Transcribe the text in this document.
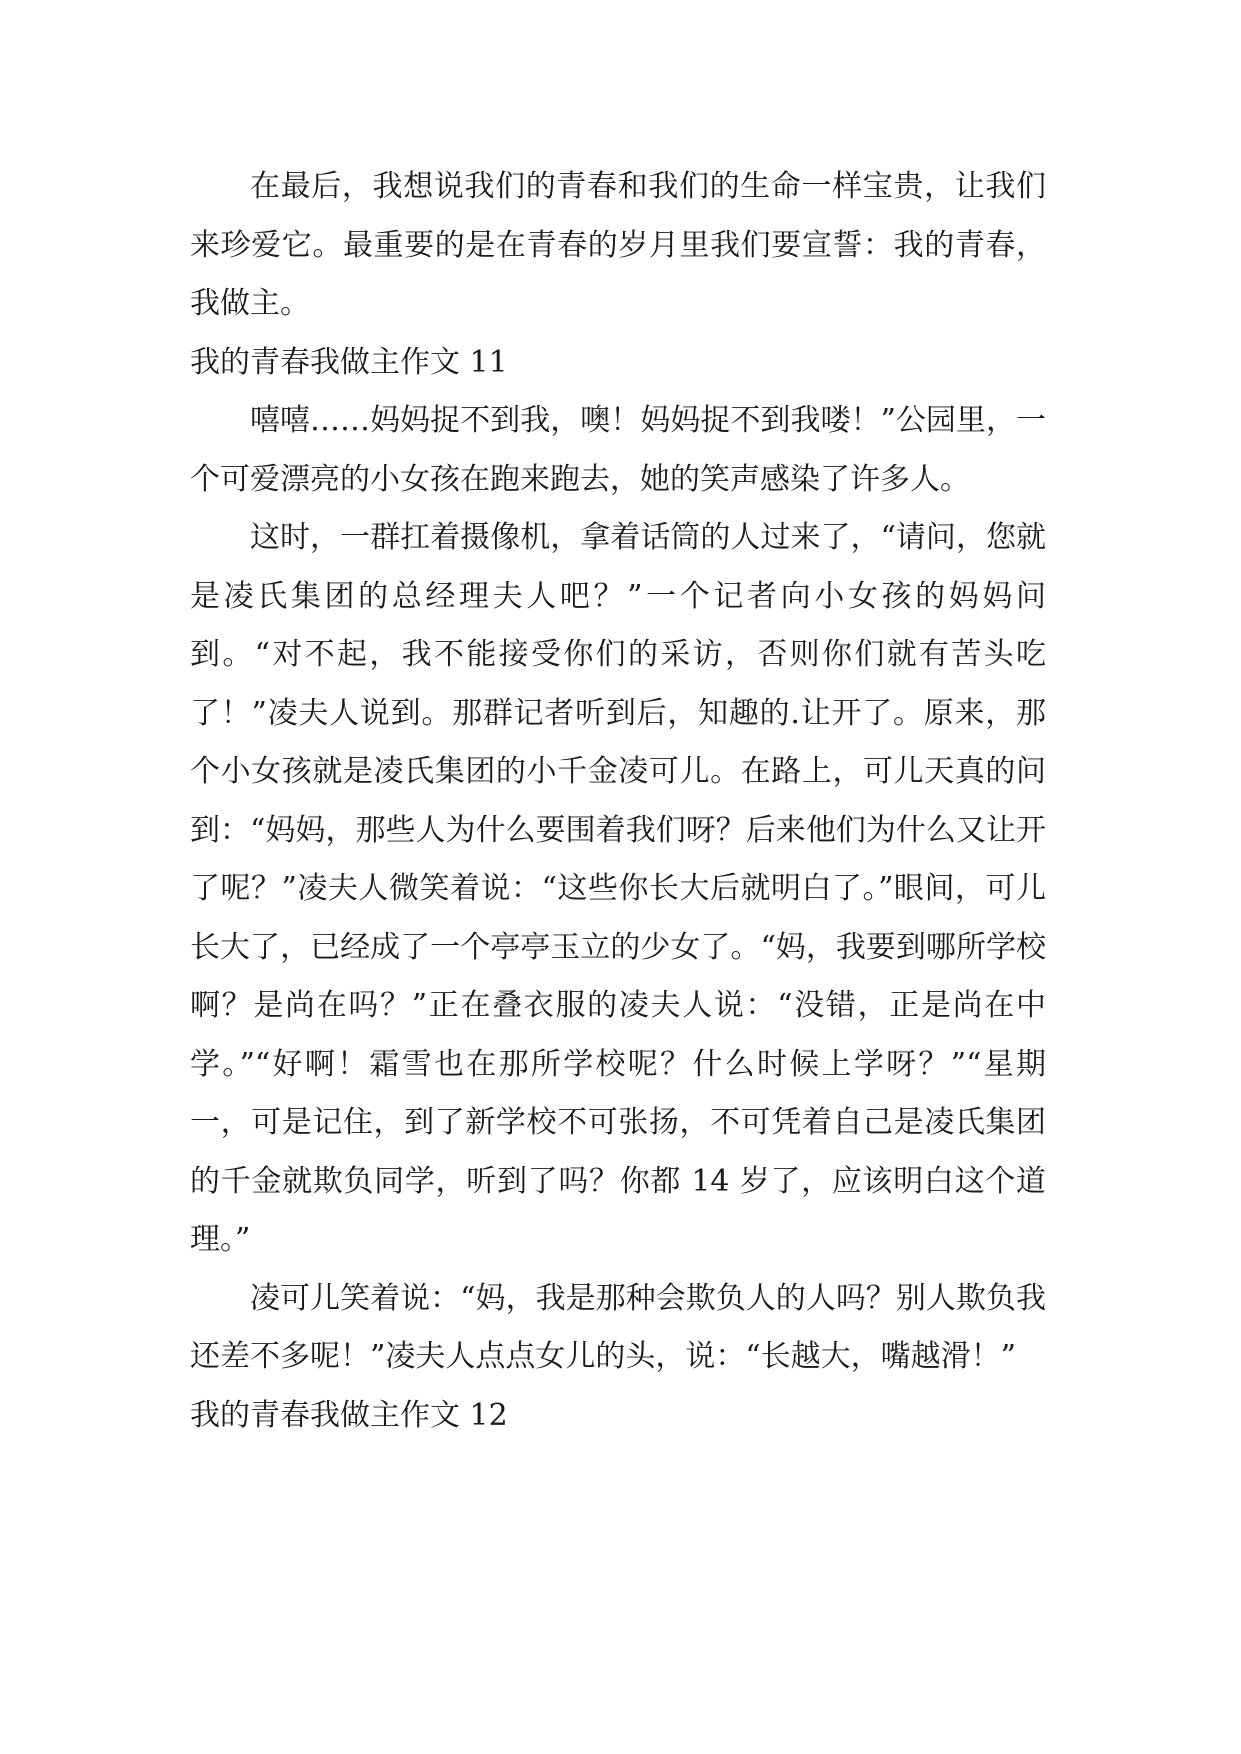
在最后，我想说我们的青春和我们的生命一样宝贵，让我们来珍爱它。最重要的是在青春的岁月里我们要宣誓：我的青春，我做主。

我的青春我做主作文 11

嘻嘻……妈妈捉不到我，噢！妈妈捉不到我喽！”公园里，一个可爱漂亮的小女孩在跑来跑去，她的笑声感染了许多人。

这时，一群扛着摄像机，拿着话筒的人过来了，“请问，您就是凌氏集团的总经理夫人吧？”一个记者向小女孩的妈妈问到。“对不起，我不能接受你们的采访，否则你们就有苦头吃了！”凌夫人说到。那群记者听到后，知趣的.让开了。原来，那个小女孩就是凌氏集团的小千金凌可儿。在路上，可儿天真的问到：“妈妈，那些人为什么要围着我们呀？后来他们为什么又让开了呢？”凌夫人微笑着说：“这些你长大后就明白了。”眼间，可儿长大了，已经成了一个亭亭玉立的少女了。“妈，我要到哪所学校啊？是尚在吗？”正在叠衣服的凌夫人说：“没错，正是尚在中学。”“好啊！霜雪也在那所学校呢？什么时候上学呀？”“星期一，可是记住，到了新学校不可张扬，不可凭着自己是凌氏集团的千金就欺负同学，听到了吗？你都 14 岁了，应该明白这个道理。”

凌可儿笑着说：“妈，我是那种会欺负人的人吗？别人欺负我还差不多呢！”凌夫人点点女儿的头，说：“长越大，嘴越滑！”

我的青春我做主作文 12
